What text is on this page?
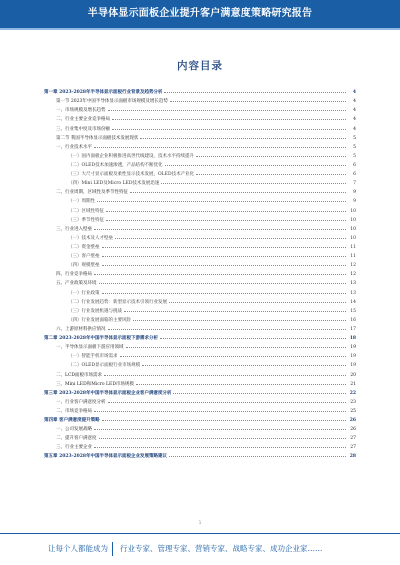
半导体显示面板企业提升客户满意度策略研究报告
内容目录
第一章 2023-2028年半导体显示面板行业背景及趋势分析	4
第一节 2023年中国半导体显示面板市场规模及增长趋势	4
一、市场规模及增长趋势	4
二、行业主要企业竞争格局	4
三、行业集中度及市场份额	4
第二节 我国半导体显示面板技术发展现状	5
一、行业技术水平	5
（一）国内面板企业积极推进高世代线建设，技术水平持续提升	5
（二）OLED技术加速渗透，产品结构不断优化	6
（三）大尺寸显示面板及柔性显示技术发展，OLED技术产业化	6
（四）Mini LED及Micro LED技术发展迅速	7
二、行业周期、区域性及季节性特征	9
（一）周期性	9
（二）区域性特征	10
（三）季节性特征	10
三、行业进入壁垒	10
（一）技术及人才壁垒	10
（二）资金壁垒	11
（三）客户壁垒	11
（四）规模壁垒	12
四、行业竞争格局	12
五、产业政策及环境	13
（一）行业政策	13
（二）行业发展趋势：新型显示技术引领行业发展	14
（三）行业发展机遇与挑战	15
（四）行业发展面临的主要风险	16
六、上游原材料供应情况	17
第二章 2023-2028年中国半导体显示面板下游需求分析	18
一、半导体显示面板下游应用领域	19
（一）智能手机市场需求	19
（二）OLED显示面板行业市场规模	19
二、LCD面板市场需求	20
三、Mini LED和Micro LED市场规模	21
第三章 2023-2028年中国半导体显示面板企业客户满意度分析	22
一、行业客户满意度分析	23
二、市场竞争格局	25
第四章 客户满意度提升策略	26
一、公司发展战略	26
二、提升客户满意度	27
三、行业主要企业	27
第五章 2023-2028年中国半导体显示面板企业发展策略建议	28
1
让每个人都能成为 行业专家、管理专家、营销专家、战略专家、成功企业家……
